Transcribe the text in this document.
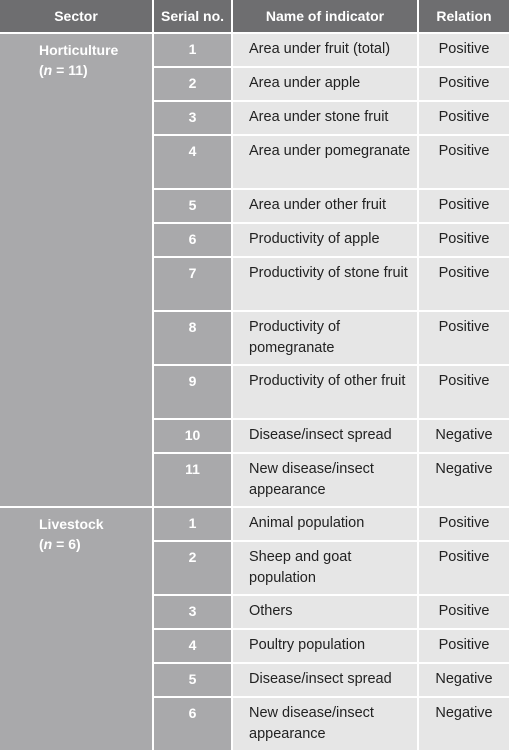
Sector	Serial no.	Name of indicator	Relation
Horticulture
(n = 11)	1	Area under fruit (total)	Positive
	2	Area under apple	Positive
	3	Area under stone fruit	Positive
	4	Area under pomegranate	Positive
	5	Area under other fruit	Positive
	6	Productivity of apple	Positive
	7	Productivity of stone fruit	Positive
	8	Productivity of pomegranate	Positive
	9	Productivity of other fruit	Positive
	10	Disease/insect spread	Negative
	11	New disease/insect appearance	Negative
Livestock
(n = 6)	1	Animal population	Positive
	2	Sheep and goat population	Positive
	3	Others	Positive
	4	Poultry population	Positive
	5	Disease/insect spread	Negative
	6	New disease/insect appearance	Negative
